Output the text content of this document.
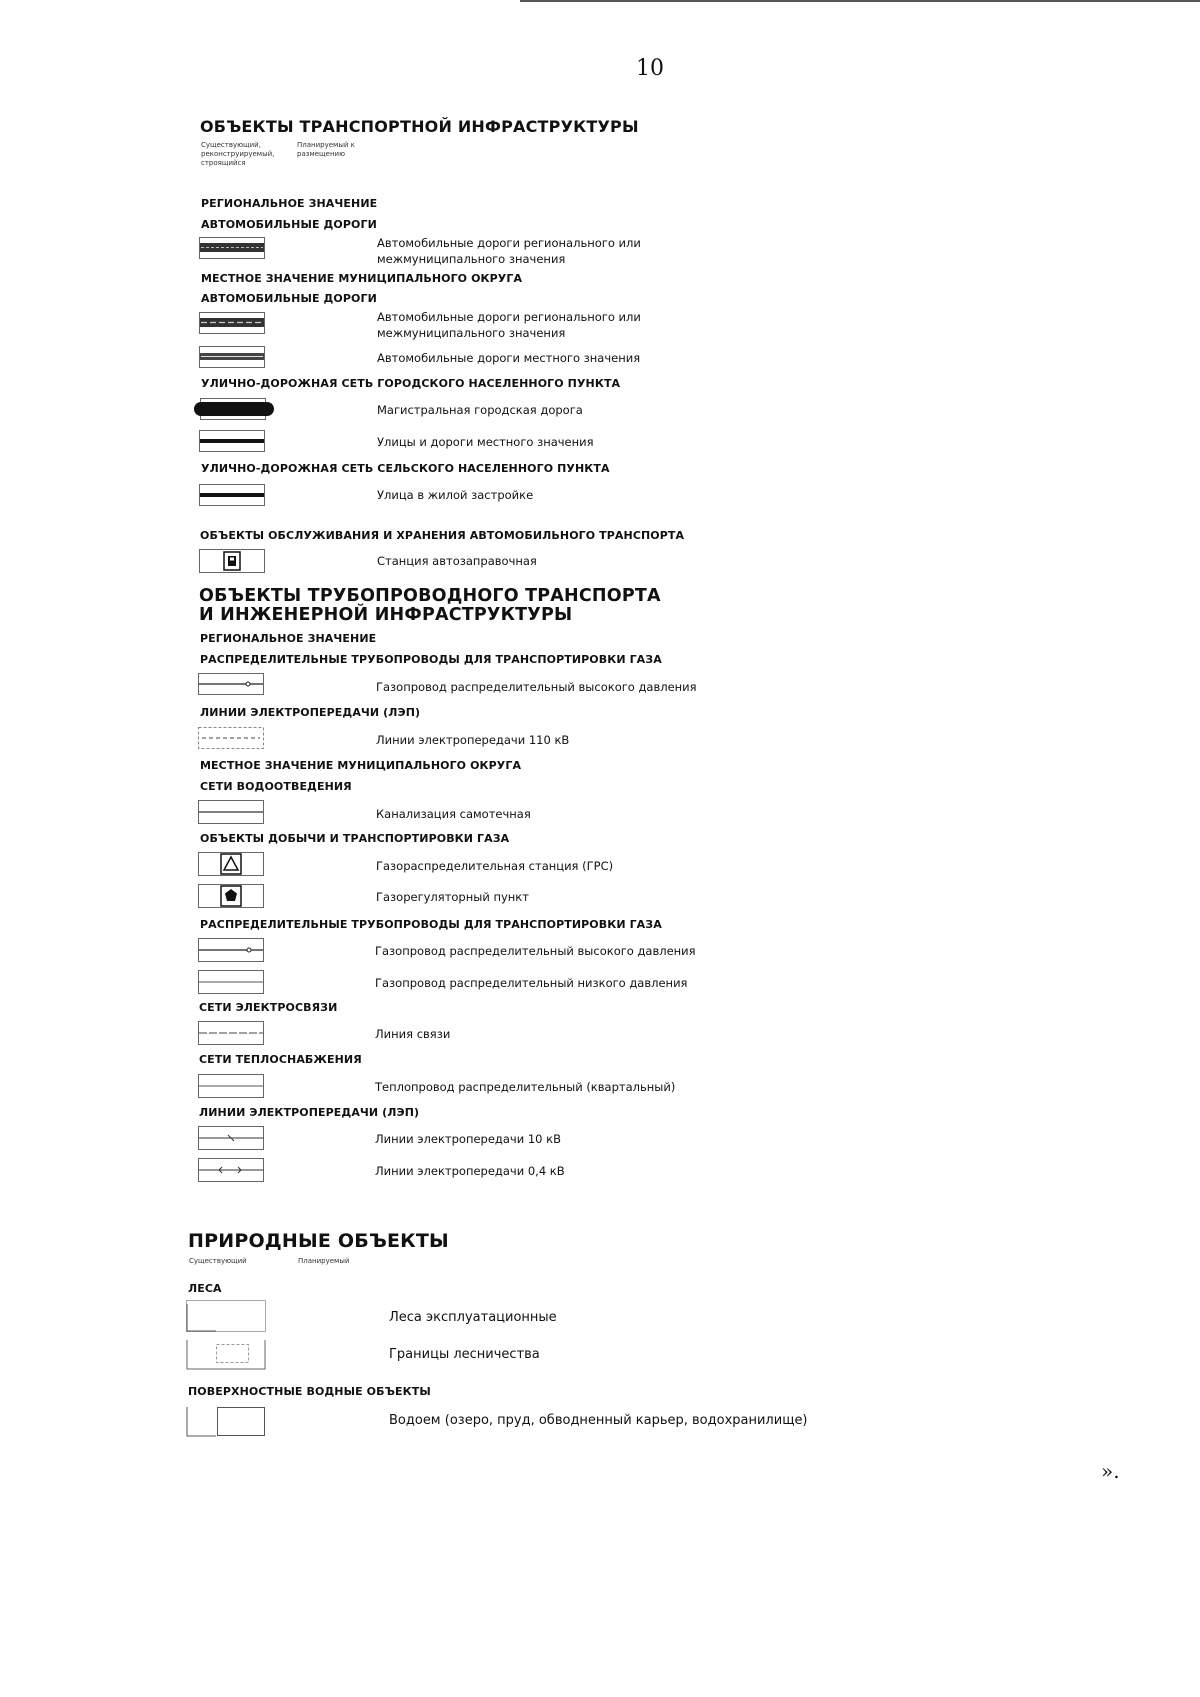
10
ОБЪЕКТЫ ТРАНСПОРТНОЙ ИНФРАСТРУКТУРЫ
Существующий, реконструируемый, строящийся
Планируемый к размещению
РЕГИОНАЛЬНОЕ ЗНАЧЕНИЕ
АВТОМОБИЛЬНЫЕ ДОРОГИ
Автомобильные дороги регионального или межмуниципального значения
МЕСТНОЕ ЗНАЧЕНИЕ МУНИЦИПАЛЬНОГО ОКРУГА
АВТОМОБИЛЬНЫЕ ДОРОГИ
Автомобильные дороги регионального или межмуниципального значения
Автомобильные дороги местного значения
УЛИЧНО-ДОРОЖНАЯ СЕТЬ ГОРОДСКОГО НАСЕЛЕННОГО ПУНКТА
Магистральная городская дорога
Улицы и дороги местного значения
УЛИЧНО-ДОРОЖНАЯ СЕТЬ СЕЛЬСКОГО НАСЕЛЕННОГО ПУНКТА
Улица в жилой застройке
ОБЪЕКТЫ ОБСЛУЖИВАНИЯ И ХРАНЕНИЯ АВТОМОБИЛЬНОГО ТРАНСПОРТА
Станция автозаправочная
ОБЪЕКТЫ ТРУБОПРОВОДНОГО ТРАНСПОРТА
И ИНЖЕНЕРНОЙ ИНФРАСТРУКТУРЫ
РЕГИОНАЛЬНОЕ ЗНАЧЕНИЕ
РАСПРЕДЕЛИТЕЛЬНЫЕ ТРУБОПРОВОДЫ ДЛЯ ТРАНСПОРТИРОВКИ ГАЗА
Газопровод распределительный высокого давления
ЛИНИИ ЭЛЕКТРОПЕРЕДАЧИ (ЛЭП)
Линии электропередачи 110 кВ
МЕСТНОЕ ЗНАЧЕНИЕ МУНИЦИПАЛЬНОГО ОКРУГА
СЕТИ ВОДООТВЕДЕНИЯ
Канализация самотечная
ОБЪЕКТЫ ДОБЫЧИ И ТРАНСПОРТИРОВКИ ГАЗА
Газораспределительная станция (ГРС)
Газорегуляторный пункт
РАСПРЕДЕЛИТЕЛЬНЫЕ ТРУБОПРОВОДЫ ДЛЯ ТРАНСПОРТИРОВКИ ГАЗА
Газопровод распределительный высокого давления
Газопровод распределительный низкого давления
СЕТИ ЭЛЕКТРОСВЯЗИ
Линия связи
СЕТИ ТЕПЛОСНАБЖЕНИЯ
Теплопровод распределительный (квартальный)
ЛИНИИ ЭЛЕКТРОПЕРЕДАЧИ (ЛЭП)
Линии электропередачи 10 кВ
Линии электропередачи 0,4 кВ
ПРИРОДНЫЕ ОБЪЕКТЫ
Существующий	Планируемый
ЛЕСА
Леса эксплуатационные
Границы лесничества
ПОВЕРХНОСТНЫЕ ВОДНЫЕ ОБЪЕКТЫ
Водоем (озеро, пруд, обводненный карьер, водохранилище)
».
